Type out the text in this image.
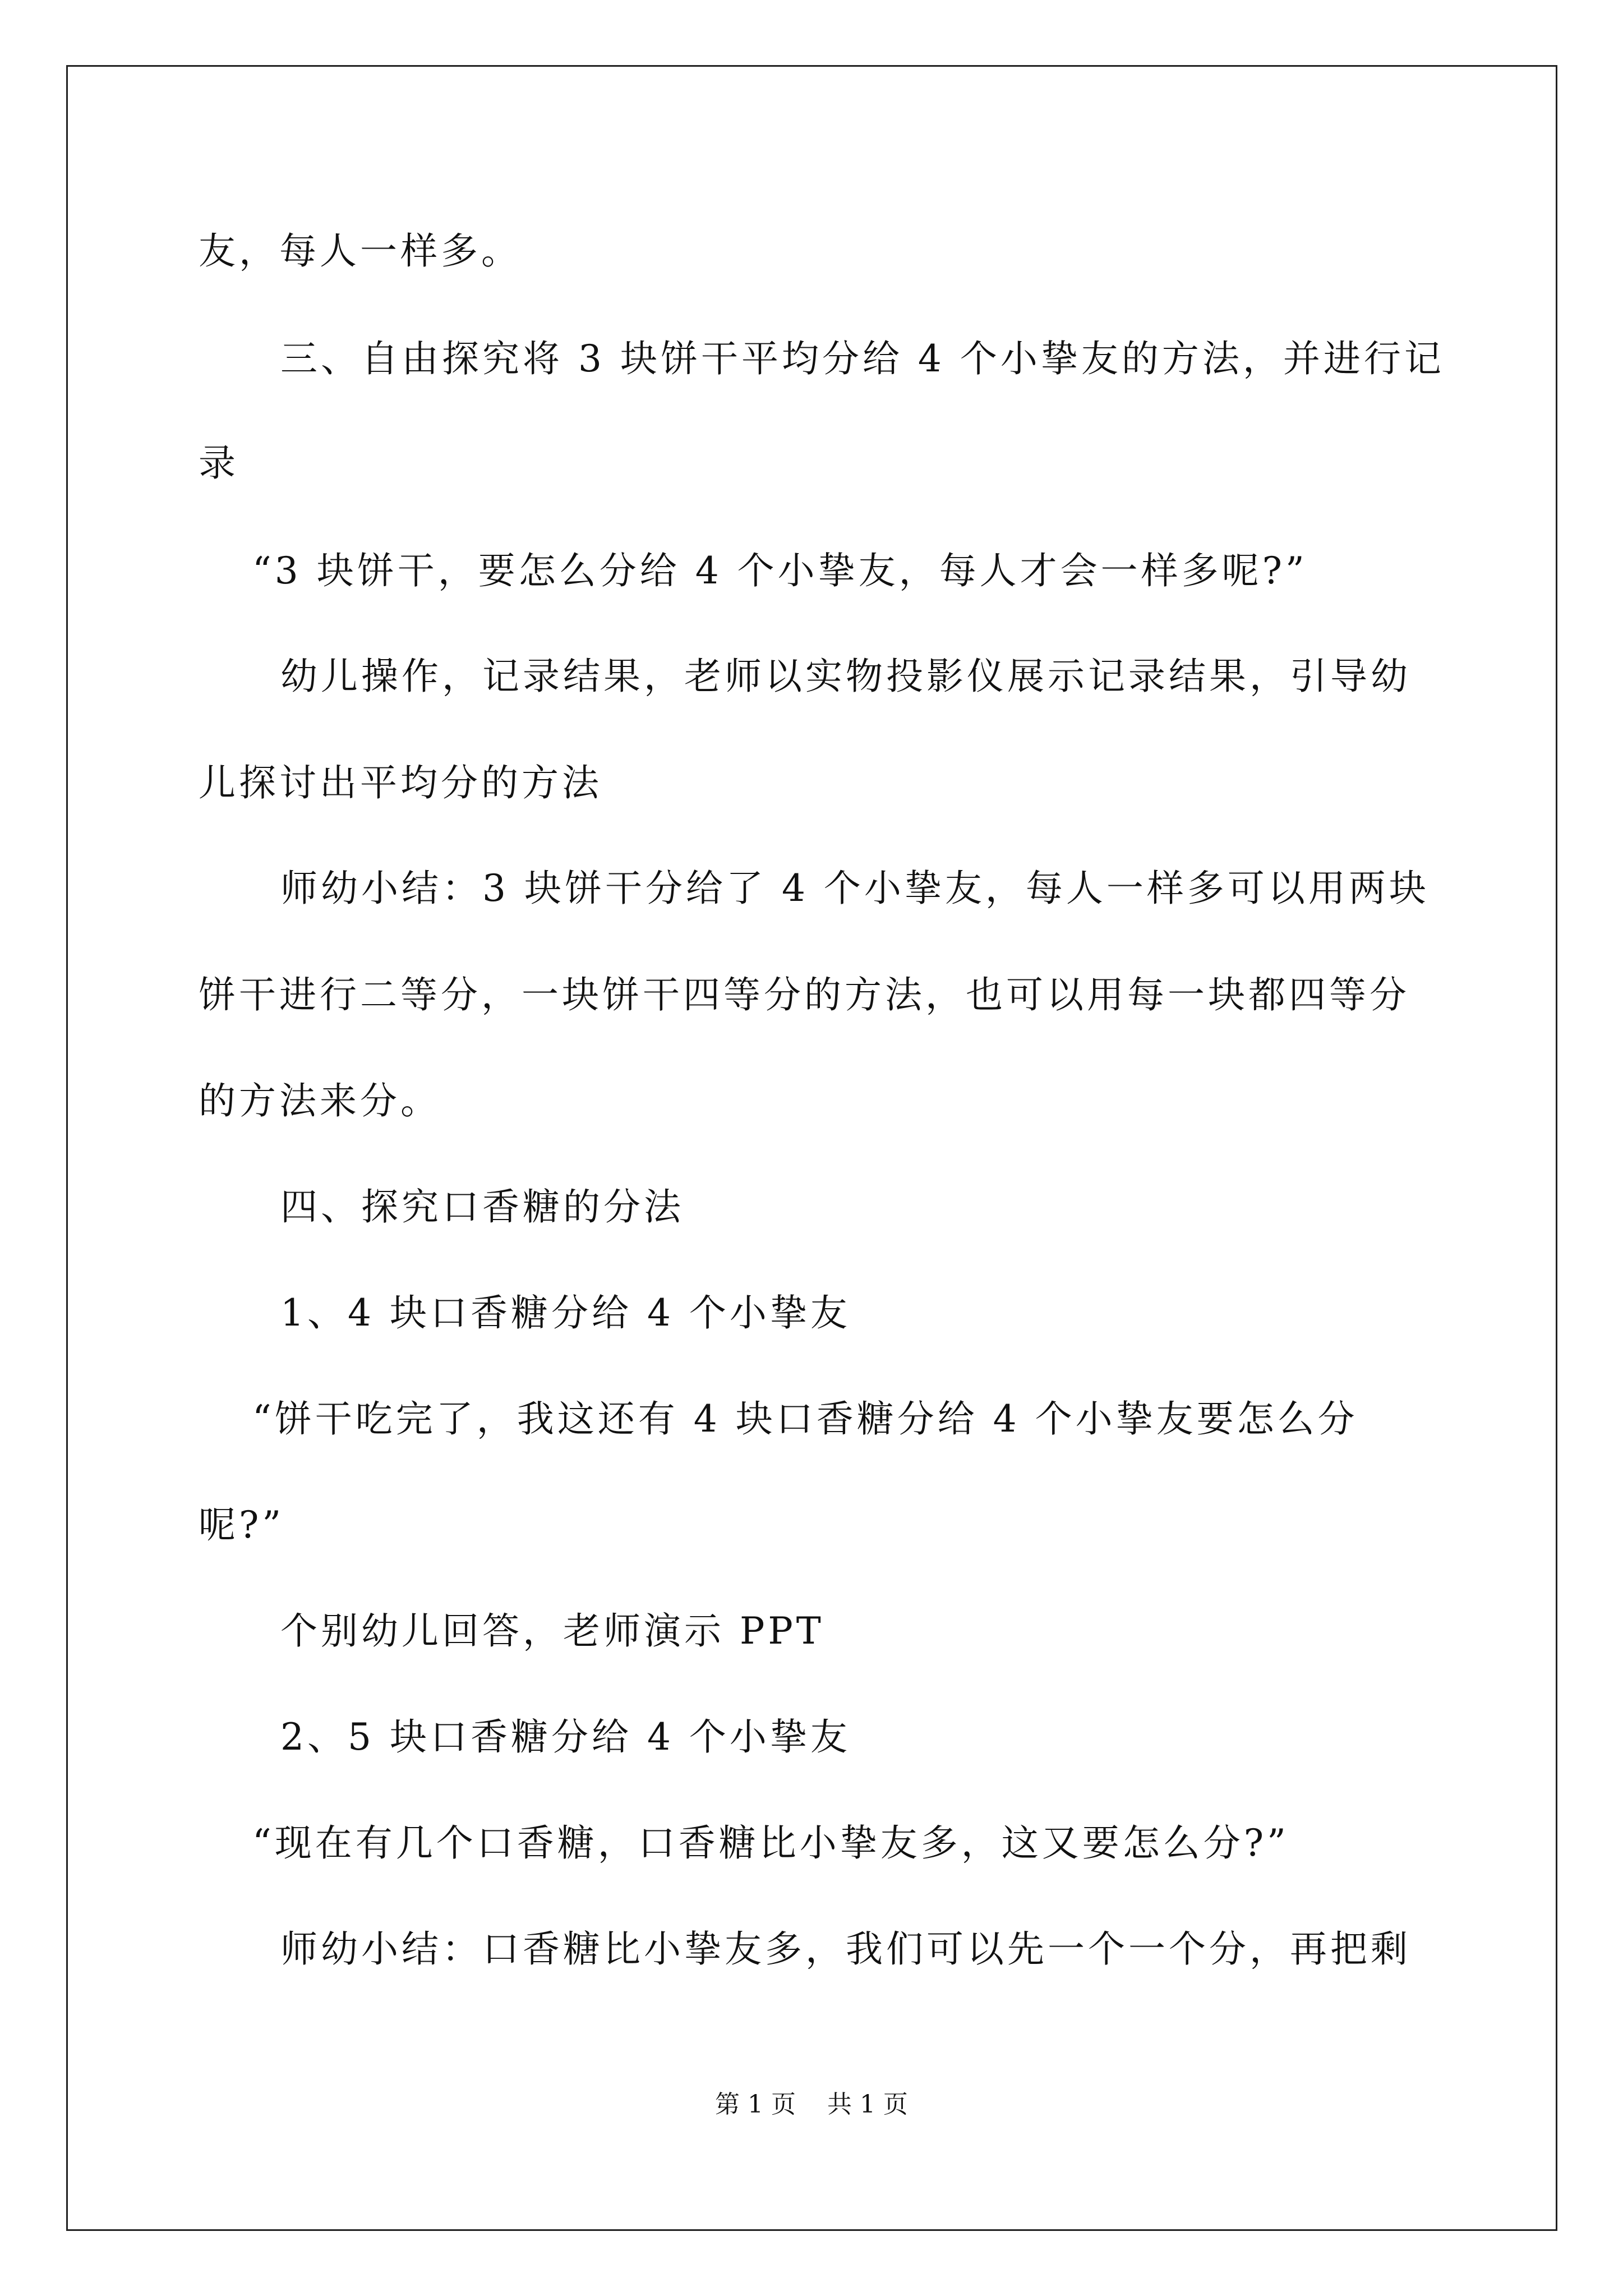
友，每人一样多。
三、自由探究将 3 块饼干平均分给 4 个小挚友的方法，并进行记
录
“3 块饼干，要怎么分给 4 个小挚友，每人才会一样多呢?”
幼儿操作，记录结果，老师以实物投影仪展示记录结果，引导幼
儿探讨出平均分的方法
师幼小结：3 块饼干分给了 4 个小挚友，每人一样多可以用两块
饼干进行二等分，一块饼干四等分的方法，也可以用每一块都四等分
的方法来分。
四、探究口香糖的分法
1、4 块口香糖分给 4 个小挚友
“饼干吃完了，我这还有 4 块口香糖分给 4 个小挚友要怎么分
呢?”
个别幼儿回答，老师演示 PPT
2、5 块口香糖分给 4 个小挚友
“现在有几个口香糖，口香糖比小挚友多，这又要怎么分?”
师幼小结：口香糖比小挚友多，我们可以先一个一个分，再把剩
第 1 页    共 1 页
